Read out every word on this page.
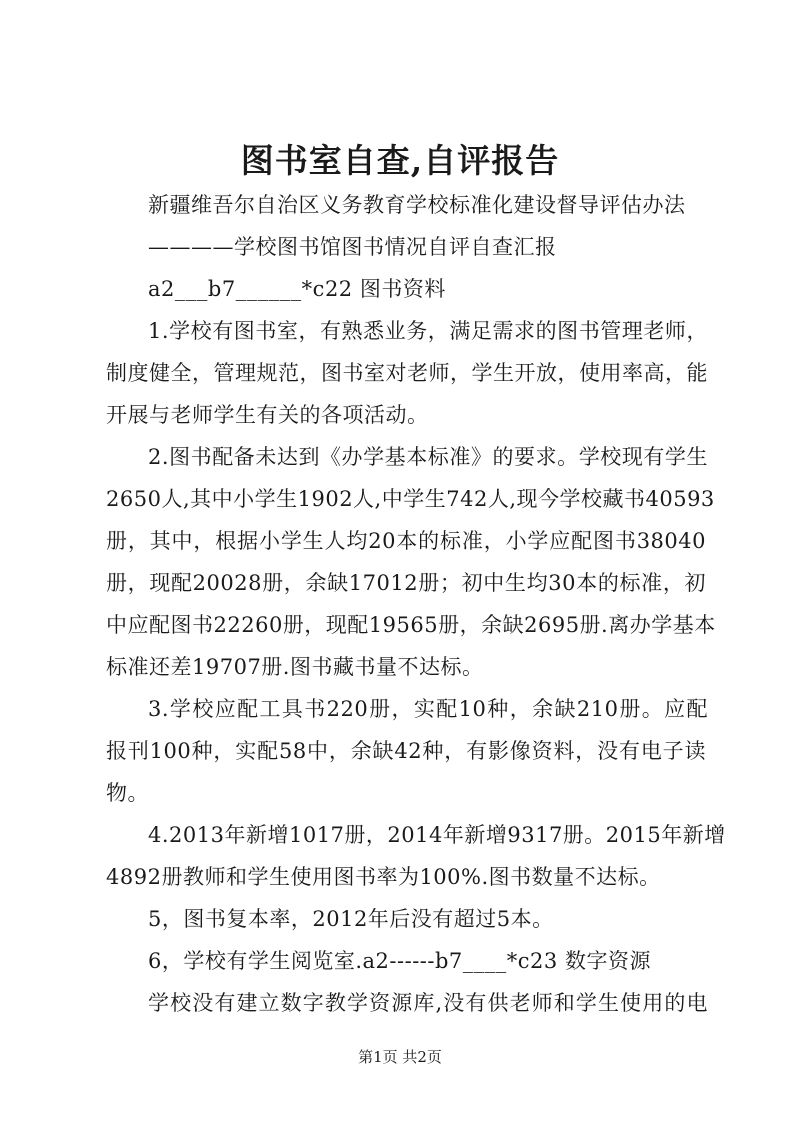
图书室自查,自评报告
新疆维吾尔自治区义务教育学校标准化建设督导评估办法
————学校图书馆图书情况自评自查汇报
a2___b7______*c22 图书资料
1.学校有图书室，有熟悉业务，满足需求的图书管理老师，
制度健全，管理规范，图书室对老师，学生开放，使用率高，能
开展与老师学生有关的各项活动。
2.图书配备未达到《办学基本标准》的要求。学校现有学生
2650人,其中小学生1902人,中学生742人,现今学校藏书40593
册，其中，根据小学生人均20本的标准，小学应配图书38040
册，现配20028册，余缺17012册；初中生均30本的标准，初
中应配图书22260册，现配19565册，余缺2695册.离办学基本
标准还差19707册.图书藏书量不达标。
3.学校应配工具书220册，实配10种，余缺210册。应配
报刊100种，实配58中，余缺42种，有影像资料，没有电子读
物。
4.2013年新增1017册，2014年新增9317册。2015年新增
4892册教师和学生使用图书率为100%.图书数量不达标。
5，图书复本率，2012年后没有超过5本。
6，学校有学生阅览室.a2------b7____*c23 数字资源
学校没有建立数字教学资源库,没有供老师和学生使用的电
第1页 共2页
